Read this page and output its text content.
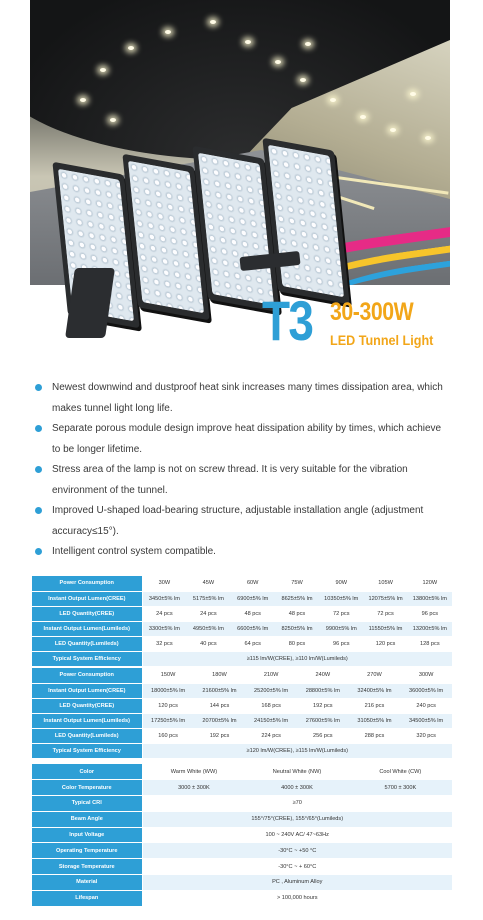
T3 30-300W
LED Tunnel Light
Newest downwind and dustproof heat sink increases many times dissipation area, which makes tunnel light long life.
Separate porous module design improve heat dissipation ability by times, which achieve to be longer lifetime.
Stress area of the lamp is not on screw thread. It is very suitable for the vibration environment of the tunnel.
Improved U-shaped load-bearing structure, adjustable installation angle (adjustment accuracy≤15°).
Intelligent control system compatible.
Power Consumption	30W	45W	60W	75W	90W	105W	120W
Instant Output Lumen(CREE)	3450±5% lm	5175±5% lm	6900±5% lm	8625±5% lm	10350±5% lm	12075±5% lm	13800±5% lm
LED Quantity(CREE)	24 pcs	24 pcs	48 pcs	48 pcs	72 pcs	72 pcs	96 pcs
Instant Output Lumen(Lumileds)	3300±5% lm	4950±5% lm	6600±5% lm	8250±5% lm	9900±5% lm	11550±5% lm	13200±5% lm
LED Quantity(Lumileds)	32 pcs	40 pcs	64 pcs	80 pcs	96 pcs	120 pcs	128 pcs
Typical System Efficiency	≥115 lm/W(CREE), ≥110 lm/W(Lumileds)						
Power Consumption	150W	180W	210W	240W	270W	300W
Instant Output Lumen(CREE)	18000±5% lm	21600±5% lm	25200±5% lm	28800±5% lm	32400±5% lm	36000±5% lm
LED Quantity(CREE)	120 pcs	144 pcs	168 pcs	192 pcs	216 pcs	240 pcs
Instant Output Lumen(Lumileds)	17250±5% lm	20700±5% lm	24150±5% lm	27600±5% lm	31050±5% lm	34500±5% lm
LED Quantity(Lumileds)	160 pcs	192 pcs	224 pcs	256 pcs	288 pcs	320 pcs
Typical System Efficiency	≥120 lm/W(CREE), ≥115 lm/W(Lumileds)					
Color	Warm White (WW)	Neutral White (NW)	Cool White (CW)
Color Temperature	3000 ± 300K	4000 ± 300K	5700 ± 300K
Typical CRI	≥70		
Beam Angle	155°/75°(CREE), 155°/65°(Lumileds)		
Input Voltage	100 ~ 240V AC/ 47~63Hz		
Operating Temperature	-30°C ~ +50 °C		
Storage Temperature	-30°C ~ + 60°C		
Material	PC , Aluminum Alloy		
Lifespan	> 100,000 hours		
